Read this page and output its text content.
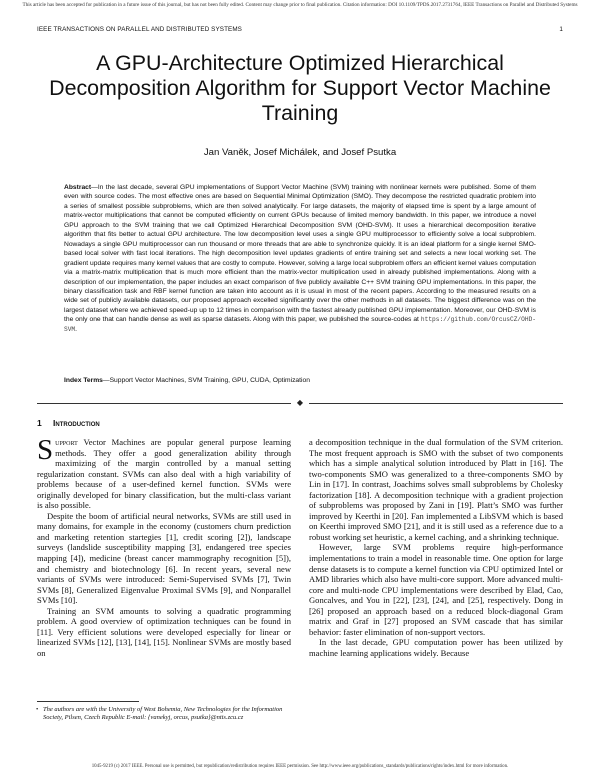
This article has been accepted for publication in a future issue of this journal, but has not been fully edited. Content may change prior to final publication. Citation information: DOI 10.1109/TPDS.2017.2731764, IEEE Transactions on Parallel and Distributed Systems
IEEE TRANSACTIONS ON PARALLEL AND DISTRIBUTED SYSTEMS	1
A GPU-Architecture Optimized Hierarchical Decomposition Algorithm for Support Vector Machine Training
Jan Vaněk, Josef Michálek, and Josef Psutka
Abstract—In the last decade, several GPU implementations of Support Vector Machine (SVM) training with nonlinear kernels were published. Some of them even with source codes. The most effective ones are based on Sequential Minimal Optimization (SMO). They decompose the restricted quadratic problem into a series of smallest possible subproblems, which are then solved analytically. For large datasets, the majority of elapsed time is spent by a large amount of matrix-vector multiplications that cannot be computed efficiently on current GPUs because of limited memory bandwidth. In this paper, we introduce a novel GPU approach to the SVM training that we call Optimized Hierarchical Decomposition SVM (OHD-SVM). It uses a hierarchical decomposition iterative algorithm that fits better to actual GPU architecture. The low decomposition level uses a single GPU multiprocessor to efficiently solve a local subproblem. Nowadays a single GPU multiprocessor can run thousand or more threads that are able to synchronize quickly. It is an ideal platform for a single kernel SMO-based local solver with fast local iterations. The high decomposition level updates gradients of entire training set and selects a new local working set. The gradient update requires many kernel values that are costly to compute. However, solving a large local subproblem offers an efficient kernel values computation via a matrix-matrix multiplication that is much more efficient than the matrix-vector multiplication used in already published implementations. Along with a description of our implementation, the paper includes an exact comparison of five publicly available C++ SVM training GPU implementations. In this paper, the binary classification task and RBF kernel function are taken into account as it is usual in most of the recent papers. According to the measured results on a wide set of publicly available datasets, our proposed approach excelled significantly over the other methods in all datasets. The biggest difference was on the largest dataset where we achieved speed-up up to 12 times in comparison with the fastest already published GPU implementation. Moreover, our OHD-SVM is the only one that can handle dense as well as sparse datasets. Along with this paper, we published the source-codes at https://github.com/OrcusCZ/OHD-SVM.
Index Terms—Support Vector Machines, SVM Training, GPU, CUDA, Optimization
◆
1 Introduction

Support Vector Machines are popular general purpose learning methods. They offer a good generalization ability through maximizing of the margin controlled by a manual setting regularization constant. SVMs can also deal with a high variability of problems because of a user-defined kernel function. SVMs were originally developed for binary classification, but the multi-class variant is also possible.

Despite the boom of artificial neural networks, SVMs are still used in many domains, for example in the economy (customers churn prediction and marketing retention startegies [1], credit scoring [2]), landscape surveys (landslide susceptibility mapping [3], endangered tree species mapping [4]), medicine (breast cancer mammography recognition [5]), and chemistry and biotechnology [6]. In recent years, several new variants of SVMs were introduced: Semi-Supervised SVMs [7], Twin SVMs [8], Generalized Eigenvalue Proximal SVMs [9], and Nonparallel SVMs [10].

Training an SVM amounts to solving a quadratic programming problem. A good overview of optimization techniques can be found in [11]. Very efficient solutions were developed especially for linear or linearized SVMs [12], [13], [14], [15]. Nonlinear SVMs are mostly based on

a decomposition technique in the dual formulation of the SVM criterion. The most frequent approach is SMO with the subset of two components which has a simple analytical solution introduced by Platt in [16]. The two-components SMO was generalized to a three-components SMO by Lin in [17]. In contrast, Joachims solves small subproblems by Cholesky factorization [18]. A decomposition technique with a gradient projection of subproblems was proposed by Zani in [19]. Platt’s SMO was further improved by Keerthi in [20]. Fan implemented a LibSVM which is based on Keerthi improved SMO [21], and it is still used as a reference due to a robust working set heuristic, a kernel caching, and a shrinking technique.

However, large SVM problems require high-performance implementations to train a model in reasonable time. One option for large dense datasets is to compute a kernel function via CPU optimized Intel or AMD libraries which also have multi-core support. More advanced multi-core and multi-node CPU implementations were described by Elad, Cao, Goncalves, and You in [22], [23], [24], and [25], respectively. Dong in [26] proposed an approach based on a reduced block-diagonal Gram matrix and Graf in [27] proposed an SVM cascade that has similar behavior: faster elimination of non-support vectors.

In the last decade, GPU computation power has been utilized by machine learning applications widely. Because

• The authors are with the University of West Bohemia, New Technologies for the Information Society, Pilsen, Czech Republic E-mail: {vanekyj, orcus, psutka}@ntis.zcu.cz
1045-9219 (c) 2017 IEEE. Personal use is permitted, but republication/redistribution requires IEEE permission. See http://www.ieee.org/publications_standards/publications/rights/index.html for more information.
